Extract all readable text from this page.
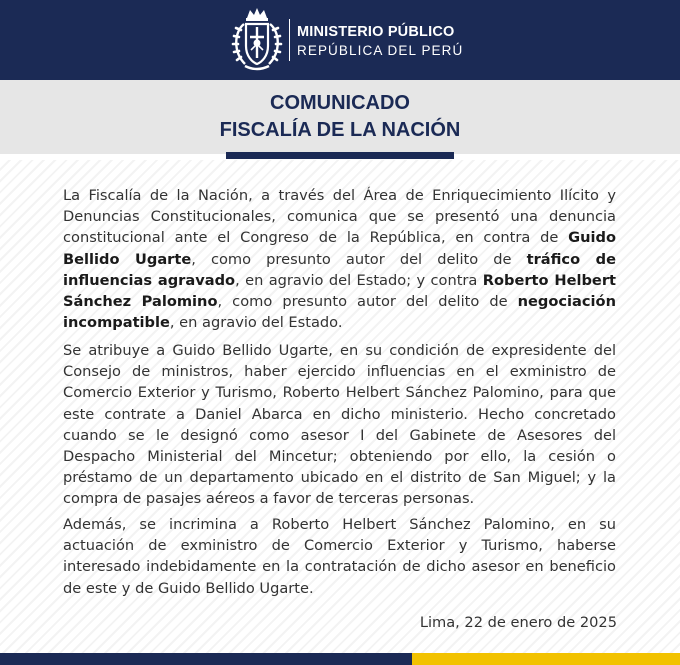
MINISTERIO PÚBLICO
REPÚBLICA DEL PERÚ
COMUNICADO
FISCALÍA DE LA NACIÓN

La Fiscalía de la Nación, a través del Área de Enriquecimiento Ilícito y Denuncias Constitucionales, comunica que se presentó una denuncia constitucional ante el Congreso de la República, en contra de Guido Bellido Ugarte, como presunto autor del delito de tráfico de influencias agravado, en agravio del Estado; y contra Roberto Helbert Sánchez Palomino, como presunto autor del delito de negociación incompatible, en agravio del Estado.

Se atribuye a Guido Bellido Ugarte, en su condición de expresidente del Consejo de ministros, haber ejercido influencias en el exministro de Comercio Exterior y Turismo, Roberto Helbert Sánchez Palomino, para que este contrate a Daniel Abarca en dicho ministerio. Hecho concretado cuando se le designó como asesor I del Gabinete de Asesores del Despacho Ministerial del Mincetur; obteniendo por ello, la cesión o préstamo de un departamento ubicado en el distrito de San Miguel; y la compra de pasajes aéreos a favor de terceras personas.

Además, se incrimina a Roberto Helbert Sánchez Palomino, en su actuación de exministro de Comercio Exterior y Turismo, haberse interesado indebidamente en la contratación de dicho asesor en beneficio de este y de Guido Bellido Ugarte.

Lima, 22 de enero de 2025
